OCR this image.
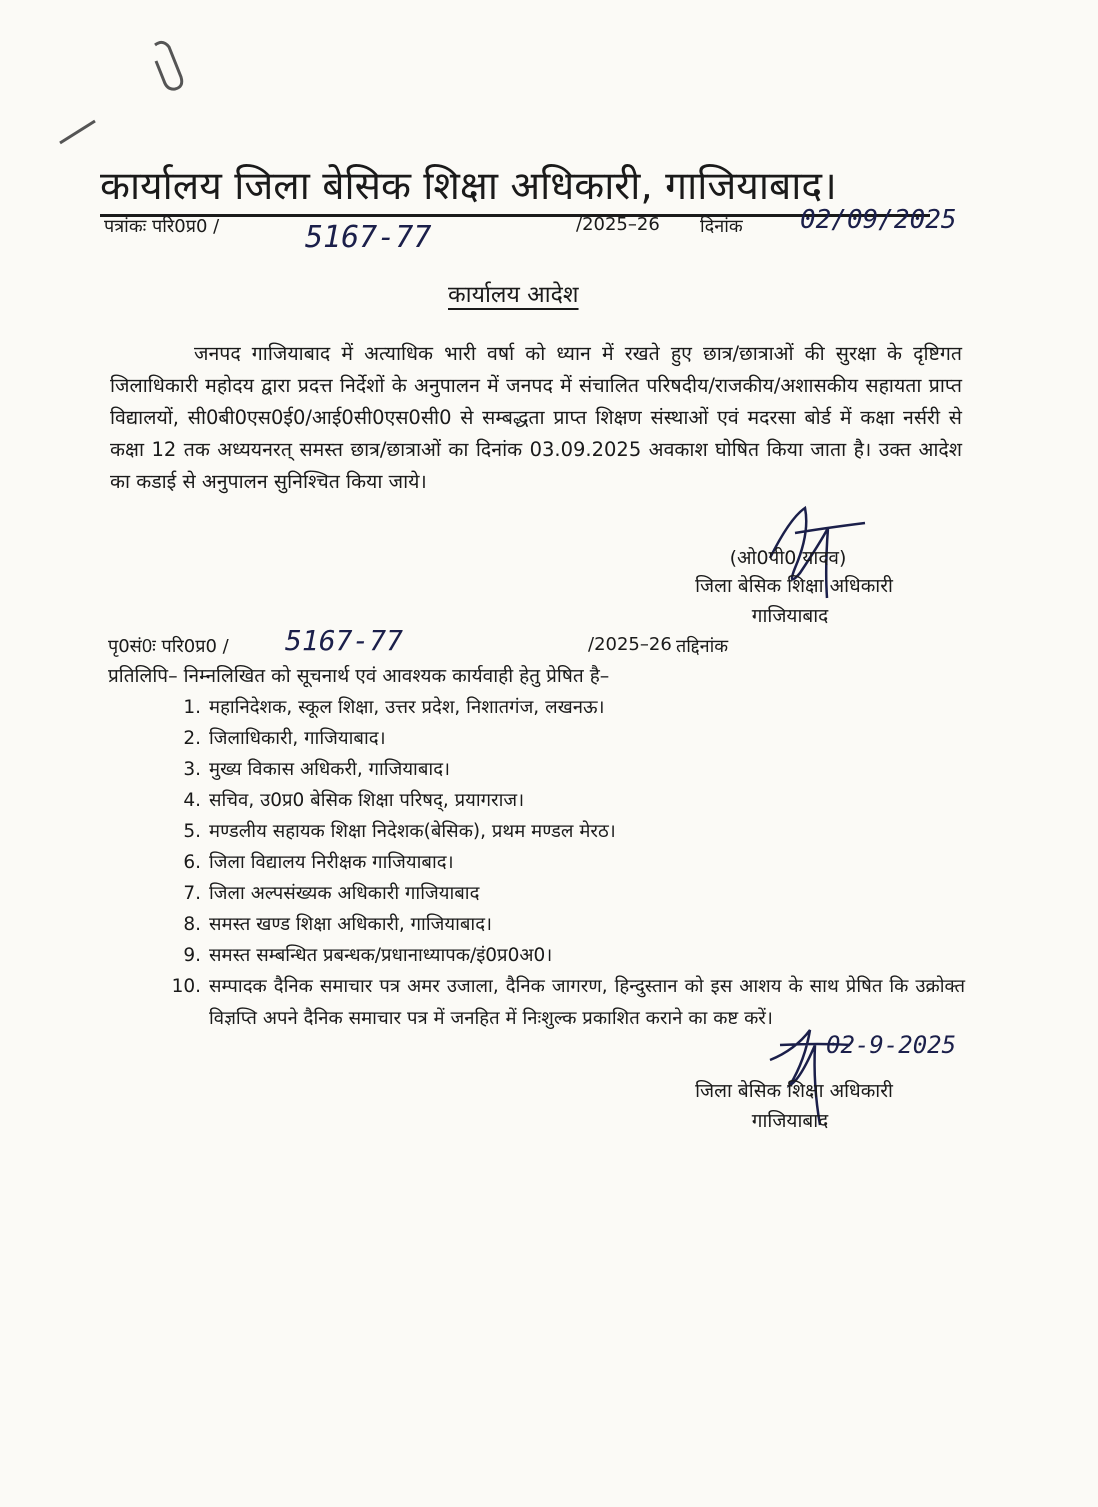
कार्यालय जिला बेसिक शिक्षा अधिकारी, गाजियाबाद।
पत्रांकः परि0प्र0 /	5167-77	/2025–26 दिनांक 02/09/2025
कार्यालय आदेश
जनपद गाजियाबाद में अत्याधिक भारी वर्षा को ध्यान में रखते हुए छात्र/छात्राओं की सुरक्षा के दृष्टिगत जिलाधिकारी महोदय द्वारा प्रदत्त निर्देशों के अनुपालन में जनपद में संचालित परिषदीय/राजकीय/अशासकीय सहायता प्राप्त विद्यालयों, सी0बी0एस0ई0/आई0सी0एस0सी0 से सम्बद्धता प्राप्त शिक्षण संस्थाओं एवं मदरसा बोर्ड में कक्षा नर्सरी से कक्षा 12 तक अध्ययनरत् समस्त छात्र/छात्राओं का दिनांक 03.09.2025 अवकाश घोषित किया जाता है। उक्त आदेश का कडाई से अनुपालन सुनिश्चित किया जाये।
(ओ0पी0 यादव)
जिला बेसिक शिक्षा अधिकारी
गाजियाबाद
पृ0सं0ः परि0प्र0 / 5167-77	/2025–26 तद्दिनांक
प्रतिलिपि– निम्नलिखित को सूचनार्थ एवं आवश्यक कार्यवाही हेतु प्रेषित है–
1. महानिदेशक, स्कूल शिक्षा, उत्तर प्रदेश, निशातगंज, लखनऊ।
2. जिलाधिकारी, गाजियाबाद।
3. मुख्य विकास अधिकरी, गाजियाबाद।
4. सचिव, उ0प्र0 बेसिक शिक्षा परिषद्, प्रयागराज।
5. मण्डलीय सहायक शिक्षा निदेशक(बेसिक), प्रथम मण्डल मेरठ।
6. जिला विद्यालय निरीक्षक गाजियाबाद।
7. जिला अल्पसंख्यक अधिकारी गाजियाबाद
8. समस्त खण्ड शिक्षा अधिकारी, गाजियाबाद।
9. समस्त सम्बन्धित प्रबन्धक/प्रधानाध्यापक/इं0प्र0अ0।
10. सम्पादक दैनिक समाचार पत्र अमर उजाला, दैनिक जागरण, हिन्दुस्तान को इस आशय के साथ प्रेषित कि उक्रोक्त विज्ञप्ति अपने दैनिक समाचार पत्र में जनहित में निःशुल्क प्रकाशित कराने का कष्ट करें।
02-9-2025
जिला बेसिक शिक्षा अधिकारी
गाजियाबाद
